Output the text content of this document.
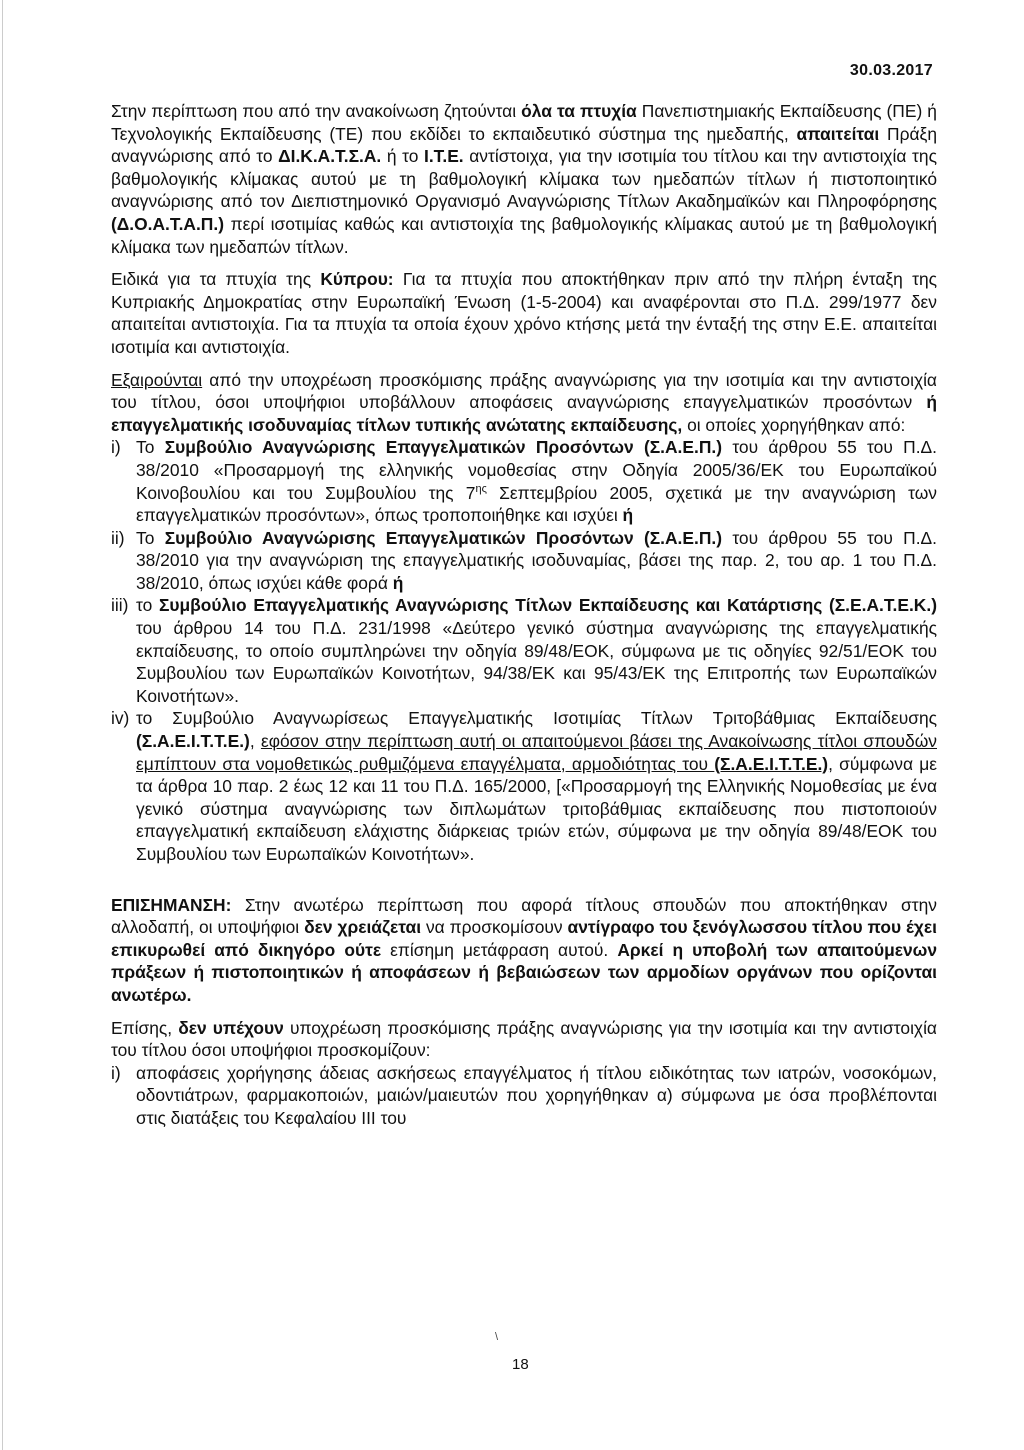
30.03.2017

Στην περίπτωση που από την ανακοίνωση ζητούνται όλα τα πτυχία Πανεπιστημιακής Εκπαίδευσης (ΠΕ) ή Τεχνολογικής Εκπαίδευσης (ΤΕ) που εκδίδει το εκπαιδευτικό σύστημα της ημεδαπής, απαιτείται Πράξη αναγνώρισης από το ΔΙ.Κ.Α.Τ.Σ.Α. ή το Ι.Τ.Ε. αντίστοιχα, για την ισοτιμία του τίτλου και την αντιστοιχία της βαθμολογικής κλίμακας αυτού με τη βαθμολογική κλίμακα των ημεδαπών τίτλων ή πιστοποιητικό αναγνώρισης από τον Διεπιστημονικό Οργανισμό Αναγνώρισης Τίτλων Ακαδημαϊκών και Πληροφόρησης (Δ.Ο.Α.Τ.Α.Π.) περί ισοτιμίας καθώς και αντιστοιχία της βαθμολογικής κλίμακας αυτού με τη βαθμολογική κλίμακα των ημεδαπών τίτλων.

Ειδικά για τα πτυχία της Κύπρου: Για τα πτυχία που αποκτήθηκαν πριν από την πλήρη ένταξη της Κυπριακής Δημοκρατίας στην Ευρωπαϊκή Ένωση (1-5-2004) και αναφέρονται στο Π.Δ. 299/1977 δεν απαιτείται αντιστοιχία. Για τα πτυχία τα οποία έχουν χρόνο κτήσης μετά την ένταξή της στην Ε.Ε. απαιτείται ισοτιμία και αντιστοιχία.

Εξαιρούνται από την υποχρέωση προσκόμισης πράξης αναγνώρισης για την ισοτιμία και την αντιστοιχία του τίτλου, όσοι υποψήφιοι υποβάλλουν αποφάσεις αναγνώρισης επαγγελματικών προσόντων ή επαγγελματικής ισοδυναμίας τίτλων τυπικής ανώτατης εκπαίδευσης, οι οποίες χορηγήθηκαν από:

i) Το Συμβούλιο Αναγνώρισης Επαγγελματικών Προσόντων (Σ.Α.Ε.Π.) του άρθρου 55 του Π.Δ. 38/2010 «Προσαρμογή της ελληνικής νομοθεσίας στην Οδηγία 2005/36/ΕΚ του Ευρωπαϊκού Κοινοβουλίου και του Συμβουλίου της $7^{\eta\varsigma}$ Σεπτεμβρίου 2005, σχετικά με την αναγνώριση των επαγγελματικών προσόντων», όπως τροποποιήθηκε και ισχύει ή
ii) Το Συμβούλιο Αναγνώρισης Επαγγελματικών Προσόντων (Σ.Α.Ε.Π.) του άρθρου 55 του Π.Δ. 38/2010 για την αναγνώριση της επαγγελματικής ισοδυναμίας, βάσει της παρ. 2, του αρ. 1 του Π.Δ. 38/2010, όπως ισχύει κάθε φορά ή
iii) το Συμβούλιο Επαγγελματικής Αναγνώρισης Τίτλων Εκπαίδευσης και Κατάρτισης (Σ.Ε.Α.Τ.Ε.Κ.) του άρθρου 14 του Π.Δ. 231/1998 «Δεύτερο γενικό σύστημα αναγνώρισης της επαγγελματικής εκπαίδευσης, το οποίο συμπληρώνει την οδηγία 89/48/ΕΟΚ, σύμφωνα με τις οδηγίες 92/51/ΕΟΚ του Συμβουλίου των Ευρωπαϊκών Κοινοτήτων, 94/38/ΕΚ και 95/43/ΕΚ της Επιτροπής των Ευρωπαϊκών Κοινοτήτων».
iv) το Συμβούλιο Αναγνωρίσεως Επαγγελματικής Ισοτιμίας Τίτλων Τριτοβάθμιας Εκπαίδευσης (Σ.Α.Ε.Ι.Τ.Τ.Ε.), εφόσον στην περίπτωση αυτή οι απαιτούμενοι βάσει της Ανακοίνωσης τίτλοι σπουδών εμπίπτουν στα νομοθετικώς ρυθμιζόμενα επαγγέλματα, αρμοδιότητας του (Σ.Α.Ε.Ι.Τ.Τ.Ε.), σύμφωνα με τα άρθρα 10 παρ. 2 έως 12 και 11 του Π.Δ. 165/2000, [«Προσαρμογή της Ελληνικής Νομοθεσίας με ένα γενικό σύστημα αναγνώρισης των διπλωμάτων τριτοβάθμιας εκπαίδευσης που πιστοποιούν επαγγελματική εκπαίδευση ελάχιστης διάρκειας τριών ετών, σύμφωνα με την οδηγία 89/48/ΕΟΚ του Συμβουλίου των Ευρωπαϊκών Κοινοτήτων».

ΕΠΙΣΗΜΑΝΣΗ: Στην ανωτέρω περίπτωση που αφορά τίτλους σπουδών που αποκτήθηκαν στην αλλοδαπή, οι υποψήφιοι δεν χρειάζεται να προσκομίσουν αντίγραφο του ξενόγλωσσου τίτλου που έχει επικυρωθεί από δικηγόρο ούτε επίσημη μετάφραση αυτού. Αρκεί η υποβολή των απαιτούμενων πράξεων ή πιστοποιητικών ή αποφάσεων ή βεβαιώσεων των αρμοδίων οργάνων που ορίζονται ανωτέρω.

Επίσης, δεν υπέχουν υποχρέωση προσκόμισης πράξης αναγνώρισης για την ισοτιμία και την αντιστοιχία του τίτλου όσοι υποψήφιοι προσκομίζουν:

i) αποφάσεις χορήγησης άδειας ασκήσεως επαγγέλματος ή τίτλου ειδικότητας των ιατρών, νοσοκόμων, οδοντιάτρων, φαρμακοποιών, μαιών/μαιευτών που χορηγήθηκαν α) σύμφωνα με όσα προβλέπονται στις διατάξεις του Κεφαλαίου ΙΙΙ του
\
18
